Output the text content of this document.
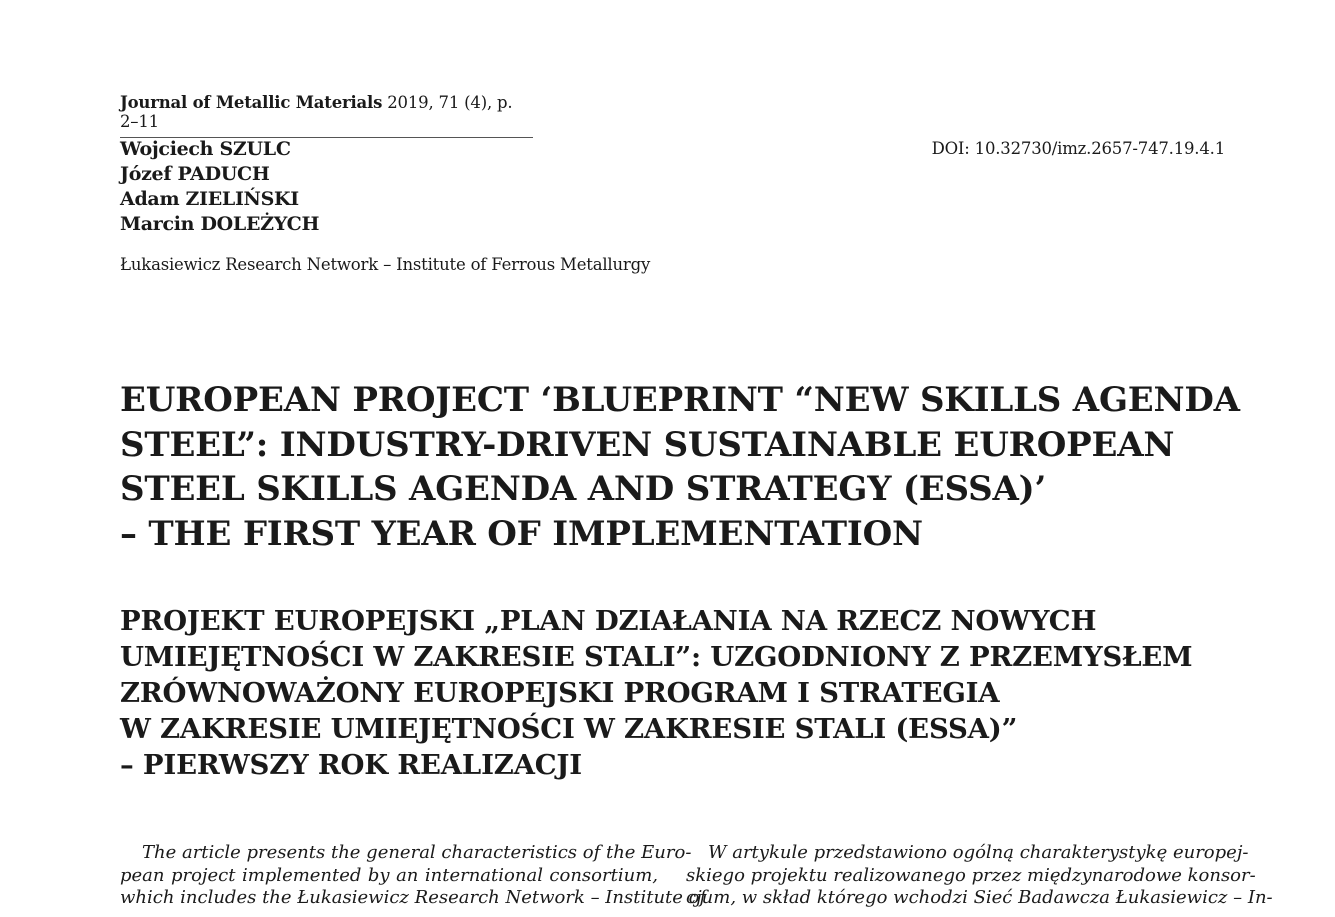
Journal of Metallic Materials 2019, 71 (4), p. 2–11
Wojciech SZULC
Józef PADUCH
Adam ZIELIŃSKI
Marcin DOLEŻYCH
DOI: 10.32730/imz.2657-747.19.4.1
Łukasiewicz Research Network – Institute of Ferrous Metallurgy
EUROPEAN PROJECT ‘BLUEPRINT “NEW SKILLS AGENDA
STEEL”: INDUSTRY-DRIVEN SUSTAINABLE EUROPEAN
STEEL SKILLS AGENDA AND STRATEGY (ESSA)’
– THE FIRST YEAR OF IMPLEMENTATION
PROJEKT EUROPEJSKI „PLAN DZIAŁANIA NA RZECZ NOWYCH
UMIEJĘTNOŚCI W ZAKRESIE STALI”: UZGODNIONY Z PRZEMYSŁEM
ZRÓWNOWAŻONY EUROPEJSKI PROGRAM I STRATEGIA
W ZAKRESIE UMIEJĘTNOŚCI W ZAKRESIE STALI (ESSA)”
– PIERWSZY ROK REALIZACJI
The article presents the general characteristics of the Euro-
pean project implemented by an international consortium,
which includes the Łukasiewicz Research Network – Institute of
W artykule przedstawiono ogólną charakterystykę europej-
skiego projektu realizowanego przez międzynarodowe konsor-
cjum, w skład którego wchodzi Sieć Badawcza Łukasiewicz – In-
